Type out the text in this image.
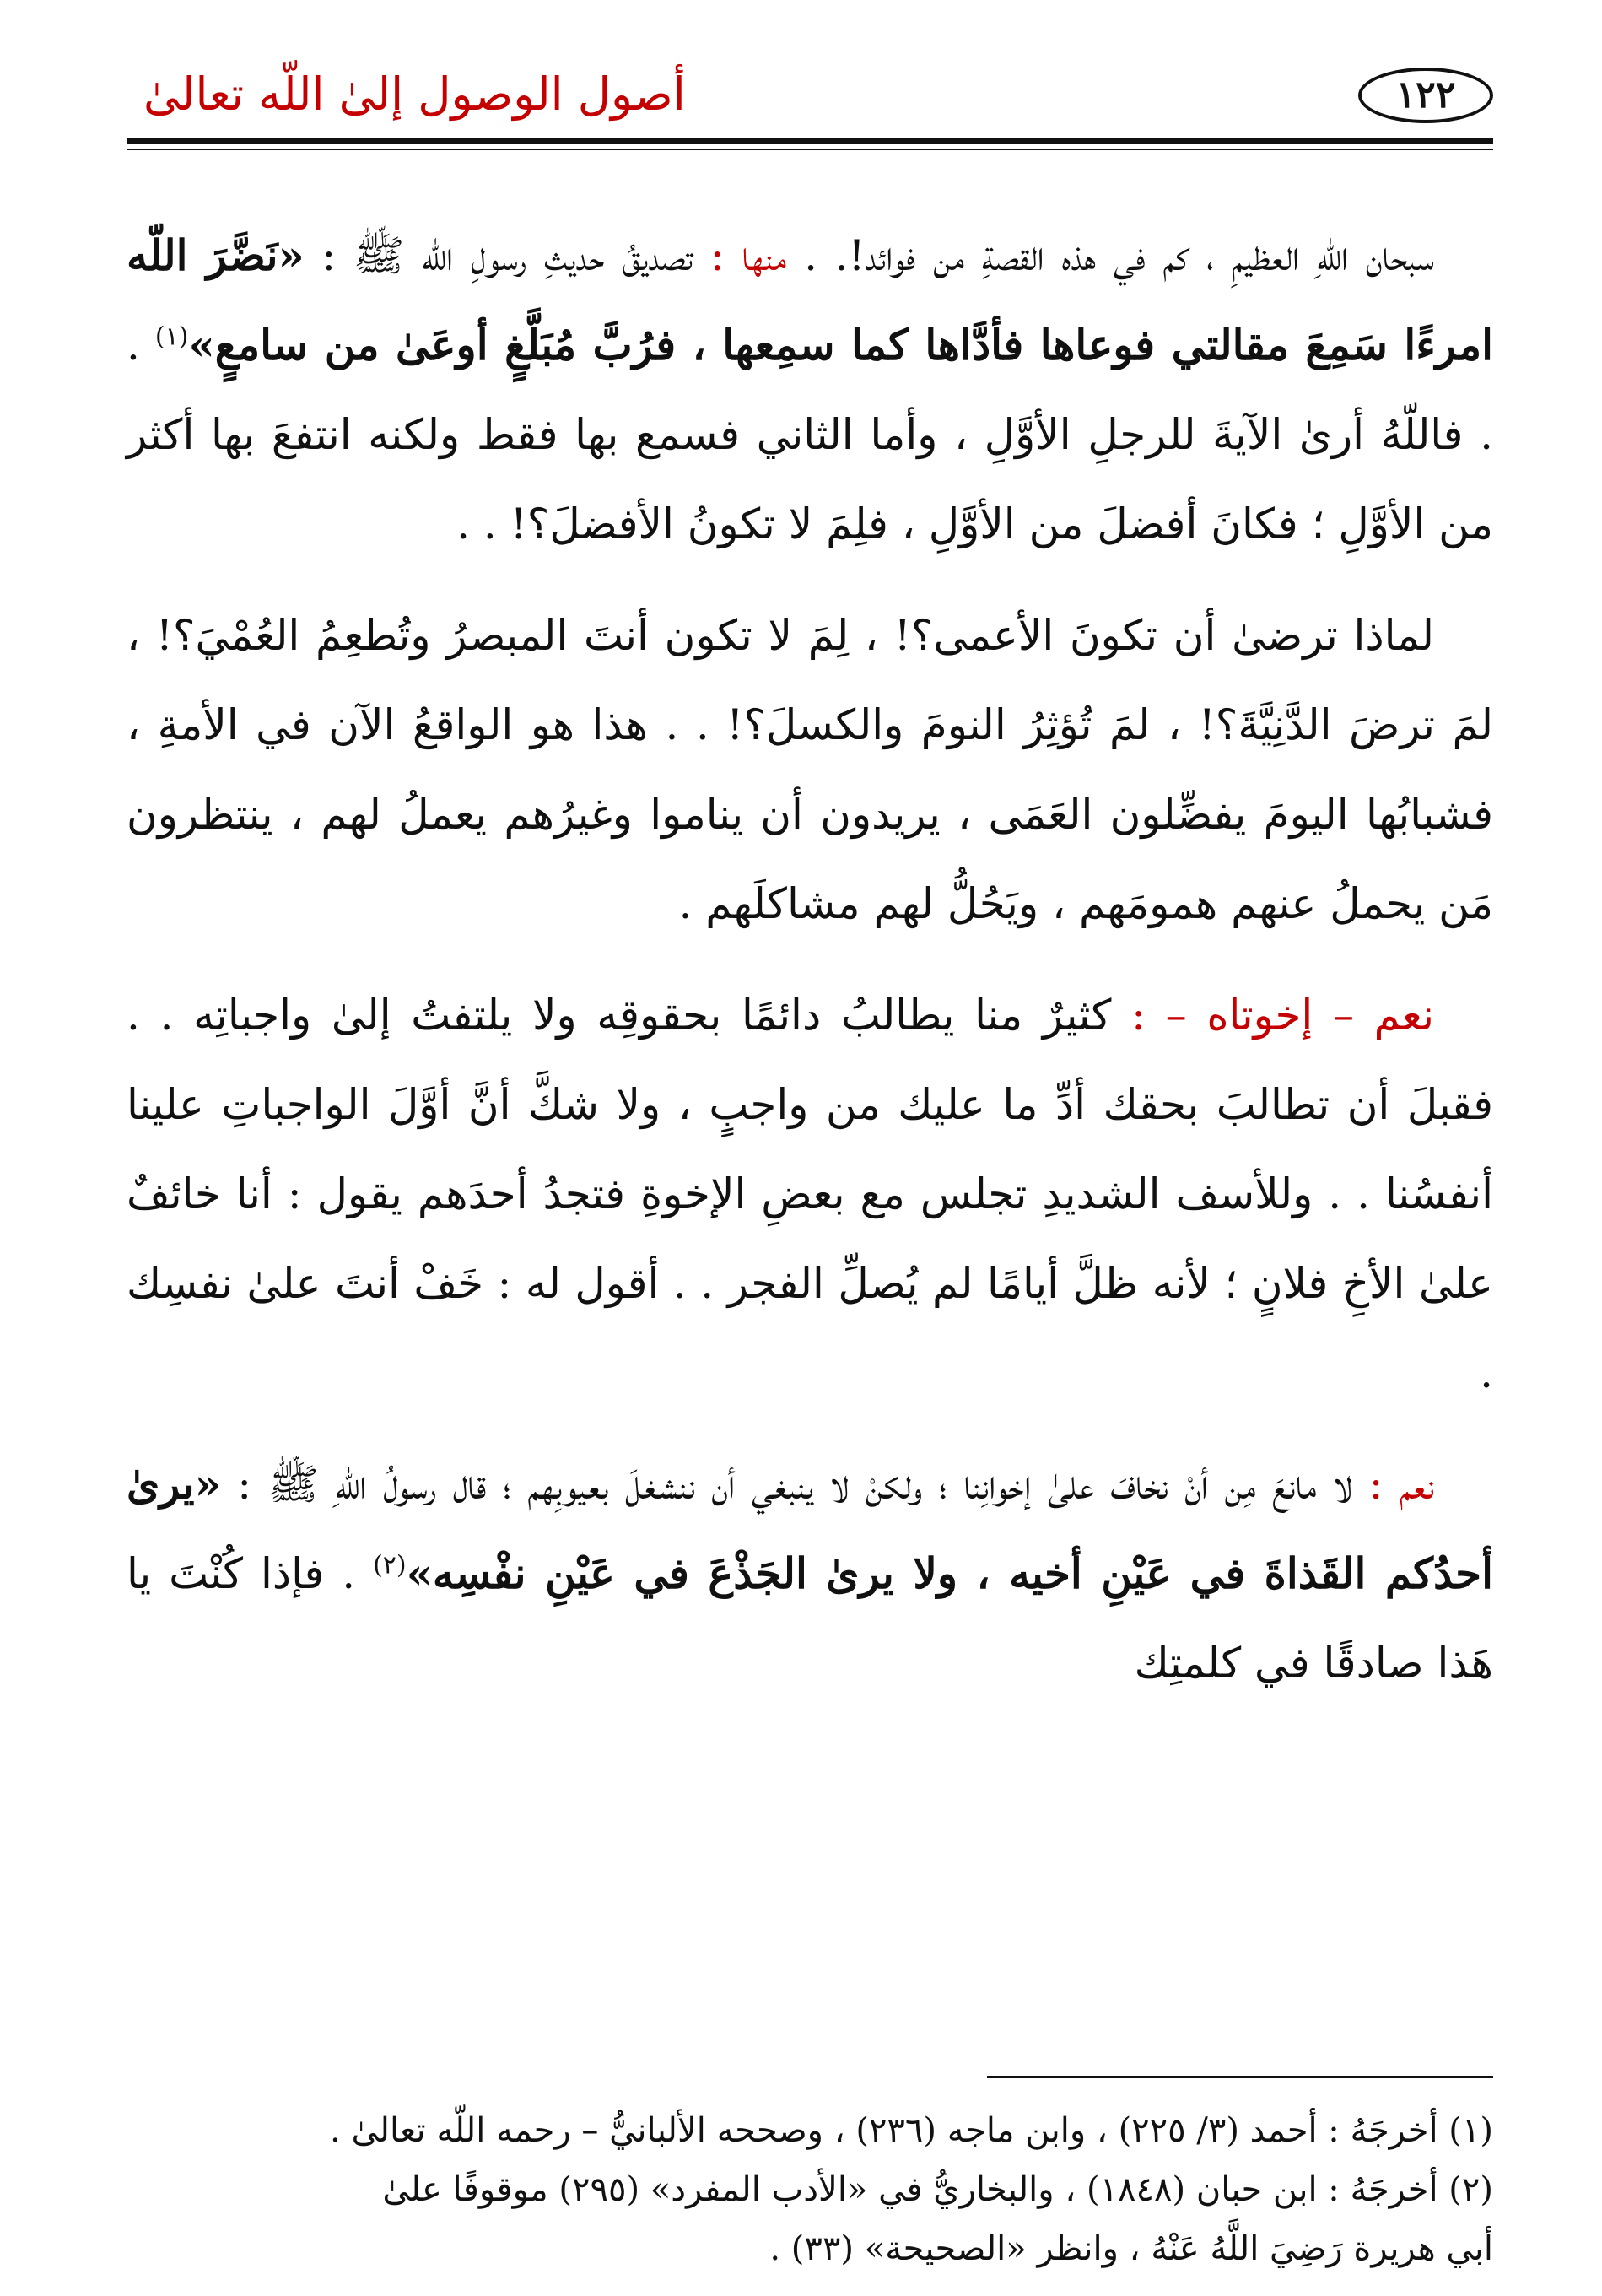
١٢٢
أصول الوصول إلىٰ اللّه تعالىٰ

سبحان اللّهِ العظيمِ ، كم في هذه القصةِ من فوائد!. . منها : تصديقُ حديثِ رسولِ اللّه ﷺ : «نَضَّرَ اللّه امرءًا سَمِعَ مقالتي فوعاها فأدَّاها كما سمِعها ، فرُبَّ مُبَلَّغٍ أوعَىٰ من سامعٍ»$^{(١)}$ . . فاللّهُ أرىٰ الآيةَ للرجلِ الأوَّلِ ، وأما الثاني فسمع بها فقط ولكنه انتفعَ بها أكثر من الأوَّلِ ؛ فكانَ أفضلَ من الأوَّلِ ، فلِمَ لا تكونُ الأفضلَ؟! . .

لماذا ترضىٰ أن تكونَ الأعمى؟! ، لِمَ لا تكون أنتَ المبصرُ وتُطعِمُ العُمْيَ؟! ، لمَ ترضَ الدَّنِيَّةَ؟! ، لمَ تُؤثِرُ النومَ والكسلَ؟! . . هذا هو الواقعُ الآن في الأمةِ ، فشبابُها اليومَ يفضِّلون العَمَى ، يريدون أن يناموا وغيرُهم يعملُ لهم ، ينتظرون مَن يحملُ عنهم همومَهم ، ويَحُلُّ لهم مشاكلَهم .

نعم – إخوتاه – : كثيرٌ منا يطالبُ دائمًا بحقوقِه ولا يلتفتُ إلىٰ واجباتِه . . فقبلَ أن تطالبَ بحقك أدِّ ما عليك من واجبٍ ، ولا شكَّ أنَّ أوَّلَ الواجباتِ علينا أنفسُنا . . وللأسف الشديدِ تجلس مع بعضِ الإخوةِ فتجدُ أحدَهم يقول : أنا خائفٌ علىٰ الأخِ فلانٍ ؛ لأنه ظلَّ أيامًا لم يُصلِّ الفجر . . أقول له : خَفْ أنتَ علىٰ نفسِك .

نعم : لا مانعَ مِن أنْ نخافَ علىٰ إخوانِنا ؛ ولكنْ لا ينبغي أن ننشغلَ بعيوبِهم ؛ قال رسولُ اللّهِ ﷺ : «يرىٰ أحدُكم القَذاةَ في عَيْنِ أخيه ، ولا يرىٰ الجَذْعَ في عَيْنِ نفْسِه»$^{(٢)}$ . فإذا كُنْتَ يا هَذا صادقًا في كلمتِك

(١) أخرجَهُ : أحمد (٣/ ٢٢٥) ، وابن ماجه (٢٣٦) ، وصححه الألبانيُّ – رحمه اللّه تعالىٰ .

(٢) أخرجَهُ : ابن حبان (١٨٤٨) ، والبخاريُّ في «الأدب المفرد» (٢٩٥) موقوفًا علىٰ

أبي هريرة رَضِيَ اللَّهُ عَنْهُ ، وانظر «الصحيحة» (٣٣) .
